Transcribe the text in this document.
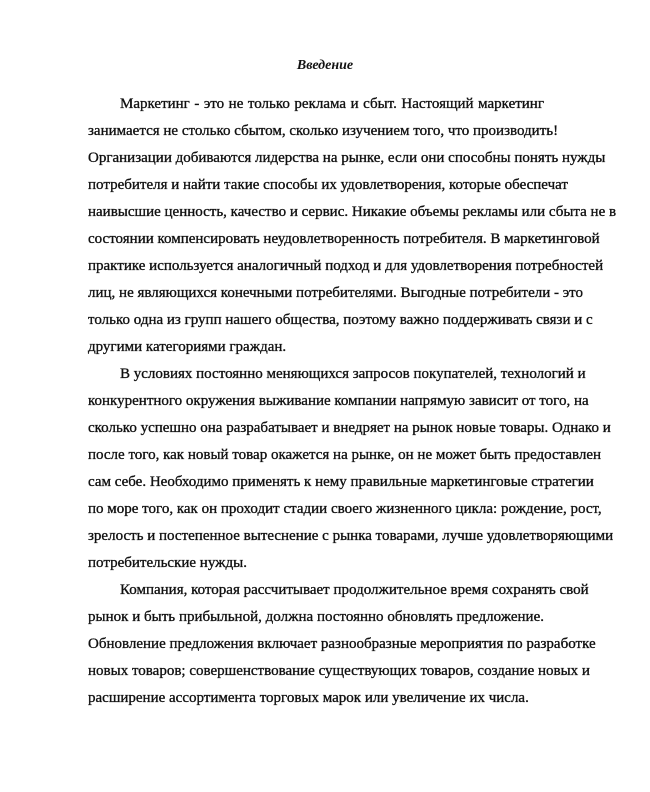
Введение
Маркетинг - это не только реклама и сбыт. Настоящий маркетинг
занимается не столько сбытом, сколько изучением того, что производить!
Организации добиваются лидерства на рынке, если они способны понять нужды
потребителя и найти такие способы их удовлетворения, которые обеспечат
наивысшие ценность, качество и сервис. Никакие объемы рекламы или сбыта не в
состоянии компенсировать неудовлетворенность потребителя. В маркетинговой
практике используется аналогичный подход и для удовлетворения потребностей
лиц, не являющихся конечными потребителями. Выгодные потребители - это
только одна из групп нашего общества, поэтому важно поддерживать связи и с
другими категориями граждан.
В условиях постоянно меняющихся запросов покупателей, технологий и
конкурентного окружения выживание компании напрямую зависит от того, на
сколько успешно она разрабатывает и внедряет на рынок новые товары. Однако и
после того, как новый товар окажется на рынке, он не может быть предоставлен
сам себе. Необходимо применять к нему правильные маркетинговые стратегии
по море того, как он проходит стадии своего жизненного цикла: рождение, рост,
зрелость и постепенное вытеснение с рынка товарами, лучше удовлетворяющими
потребительские нужды.
Компания, которая рассчитывает продолжительное время сохранять свой
рынок и быть прибыльной, должна постоянно обновлять предложение.
Обновление предложения включает разнообразные мероприятия по разработке
новых товаров; совершенствование существующих товаров, создание новых и
расширение ассортимента торговых марок или увеличение их числа.
